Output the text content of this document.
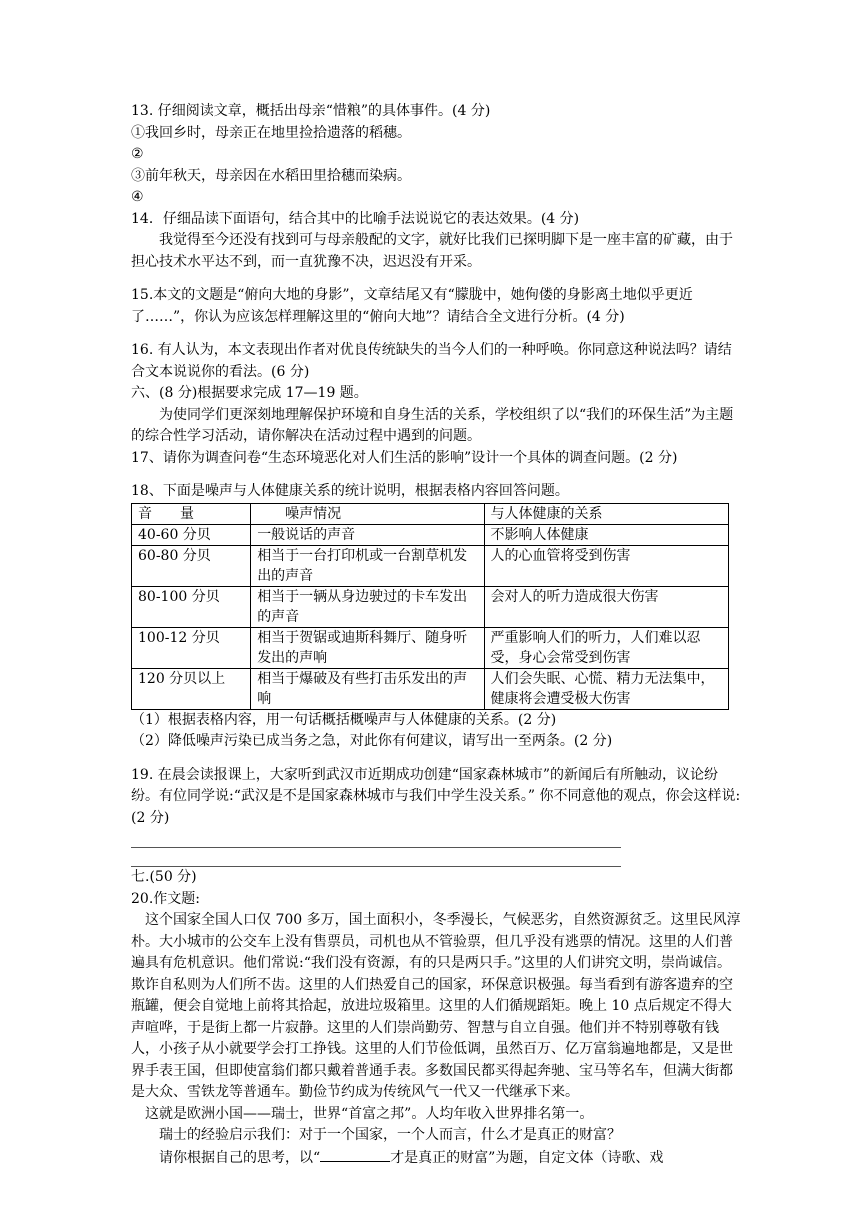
13. 仔细阅读文章，概括出母亲“惜粮”的具体事件。(4 分)

①我回乡时，母亲正在地里捡拾遗落的稻穗。

②

③前年秋天，母亲因在水稻田里拾穗而染病。

④

14．仔细品读下面语句，结合其中的比喻手法说说它的表达效果。(4 分)

我觉得至今还没有找到可与母亲般配的文字，就好比我们已探明脚下是一座丰富的矿藏，由于担心技术水平达不到，而一直犹豫不决，迟迟没有开采。

15.本文的文题是“俯向大地的身影”，文章结尾又有“朦胧中，她佝偻的身影离土地似乎更近了……”，你认为应该怎样理解这里的“俯向大地”？请结合全文进行分析。(4 分)

16. 有人认为，本文表现出作者对优良传统缺失的当今人们的一种呼唤。你同意这种说法吗？请结合文本说说你的看法。(6 分)

六、(8 分)根据要求完成 17—19 题。

为使同学们更深刻地理解保护环境和自身生活的关系，学校组织了以“我们的环保生活”为主题的综合性学习活动，请你解决在活动过程中遇到的问题。

17、请你为调查问卷“生态环境恶化对人们生活的影响”设计一个具体的调查问题。(2 分)

18、下面是噪声与人体健康关系的统计说明，根据表格内容回答问题。

音　　量	　　噪声情况	与人体健康的关系
40-60 分贝	一般说话的声音	不影响人体健康
60-80 分贝	相当于一台打印机或一台割草机发出的声音	人的心血管将受到伤害
80-100 分贝	相当于一辆从身边驶过的卡车发出的声音	会对人的听力造成很大伤害
100-12 分贝	相当于贺锯或迪斯科舞厅、随身听发出的声响	严重影响人们的听力，人们难以忍受，身心会常受到伤害
120 分贝以上	相当于爆破及有些打击乐发出的声响	人们会失眠、心慌、精力无法集中，健康将会遭受极大伤害

（1）根据表格内容，用一句话概括概噪声与人体健康的关系。(2 分)

（2）降低噪声污染已成当务之急，对此你有何建议，请写出一至两条。(2 分)

19. 在晨会读报课上，大家听到武汉市近期成功创建“国家森林城市”的新闻后有所触动，议论纷纷。有位同学说:“武汉是不是国家森林城市与我们中学生没关系。” 你不同意他的观点，你会这样说: (2 分)

七.(50 分)

20.作文题:

这个国家全国人口仅 700 多万，国土面积小，冬季漫长，气候恶劣，自然资源贫乏。这里民风淳朴。大小城市的公交车上没有售票员，司机也从不管验票，但几乎没有逃票的情况。这里的人们普遍具有危机意识。他们常说:“我们没有资源，有的只是两只手。”这里的人们讲究文明，崇尚诚信。欺诈自私则为人们所不齿。这里的人们热爱自己的国家，环保意识极强。每当看到有游客遗弃的空瓶罐，便会自觉地上前将其拾起，放进垃圾箱里。这里的人们循规蹈矩。晚上 10 点后规定不得大声喧哗，于是街上都一片寂静。这里的人们崇尚勤劳、智慧与自立自强。他们并不特别尊敬有钱人，小孩子从小就要学会打工挣钱。这里的人们节俭低调，虽然百万、亿万富翁遍地都是，又是世界手表王国，但即使富翁们都只戴着普通手表。多数国民都买得起奔驰、宝马等名车，但满大街都是大众、雪铁龙等普通车。勤俭节约成为传统风气一代又一代继承下来。

这就是欧洲小国——瑞士，世界“首富之邦”。人均年收入世界排名第一。

瑞士的经验启示我们：对于一个国家，一个人而言，什么才是真正的财富？

请你根据自己的思考，以“	才是真正的财富”为题，自定文体（诗歌、戏
